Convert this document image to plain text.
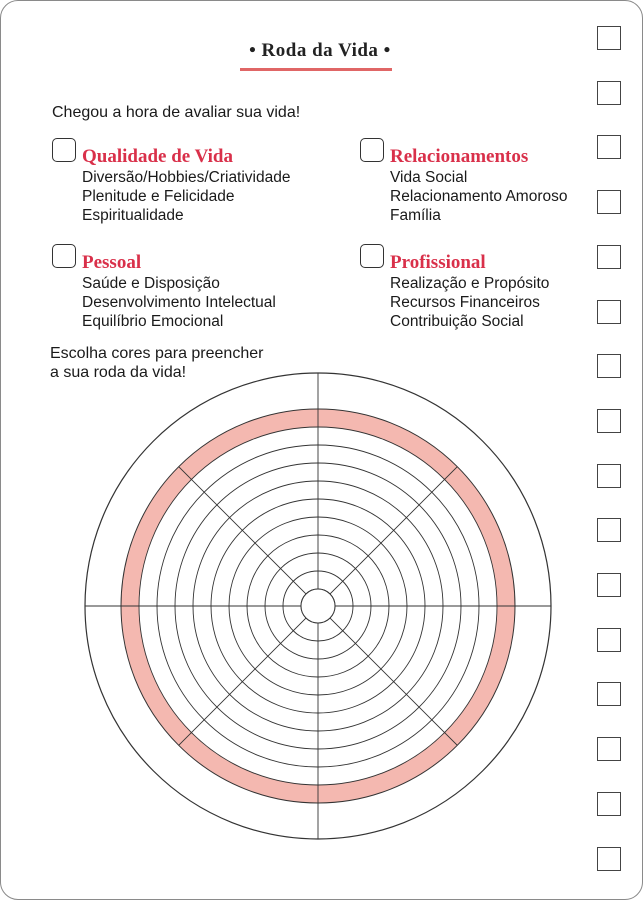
• Roda da Vida •
Chegou a hora de avaliar sua vida!
Qualidade de Vida
Diversão/Hobbies/Criatividade
Plenitude e Felicidade
Espiritualidade
Relacionamentos
Vida Social
Relacionamento Amoroso
Família
Pessoal
Saúde e Disposição
Desenvolvimento Intelectual
Equilíbrio Emocional
Profissional
Realização e Propósito
Recursos Financeiros
Contribuição Social
Escolha cores para preencher
a sua roda da vida!
